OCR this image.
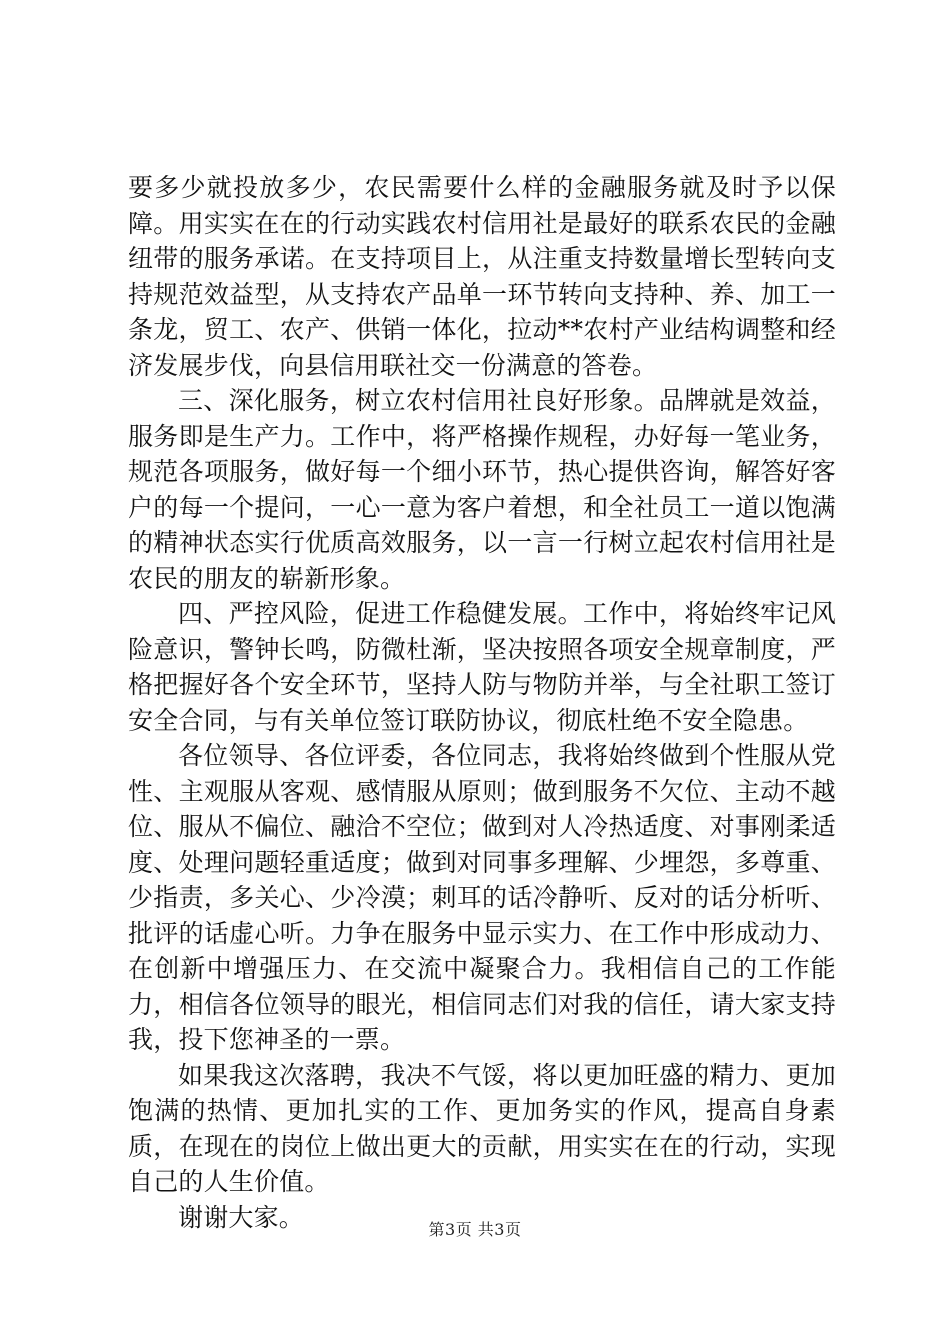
要多少就投放多少，农民需要什么样的金融服务就及时予以保障。用实实在在的行动实践农村信用社是最好的联系农民的金融纽带的服务承诺。在支持项目上，从注重支持数量增长型转向支持规范效益型，从支持农产品单一环节转向支持种、养、加工一条龙，贸工、农产、供销一体化，拉动**农村产业结构调整和经济发展步伐，向县信用联社交一份满意的答卷。

三、深化服务，树立农村信用社良好形象。品牌就是效益，服务即是生产力。工作中，将严格操作规程，办好每一笔业务，规范各项服务，做好每一个细小环节，热心提供咨询，解答好客户的每一个提问，一心一意为客户着想，和全社员工一道以饱满的精神状态实行优质高效服务，以一言一行树立起农村信用社是农民的朋友的崭新形象。

四、严控风险，促进工作稳健发展。工作中，将始终牢记风险意识，警钟长鸣，防微杜渐，坚决按照各项安全规章制度，严格把握好各个安全环节，坚持人防与物防并举，与全社职工签订安全合同，与有关单位签订联防协议，彻底杜绝不安全隐患。

各位领导、各位评委，各位同志，我将始终做到个性服从党性、主观服从客观、感情服从原则；做到服务不欠位、主动不越位、服从不偏位、融洽不空位；做到对人冷热适度、对事刚柔适度、处理问题轻重适度；做到对同事多理解、少埋怨，多尊重、少指责，多关心、少冷漠；刺耳的话冷静听、反对的话分析听、批评的话虚心听。力争在服务中显示实力、在工作中形成动力、在创新中增强压力、在交流中凝聚合力。我相信自己的工作能力，相信各位领导的眼光，相信同志们对我的信任，请大家支持我，投下您神圣的一票。

如果我这次落聘，我决不气馁，将以更加旺盛的精力、更加饱满的热情、更加扎实的工作、更加务实的作风，提高自身素质，在现在的岗位上做出更大的贡献，用实实在在的行动，实现自己的人生价值。

谢谢大家。	第3页 共3页
